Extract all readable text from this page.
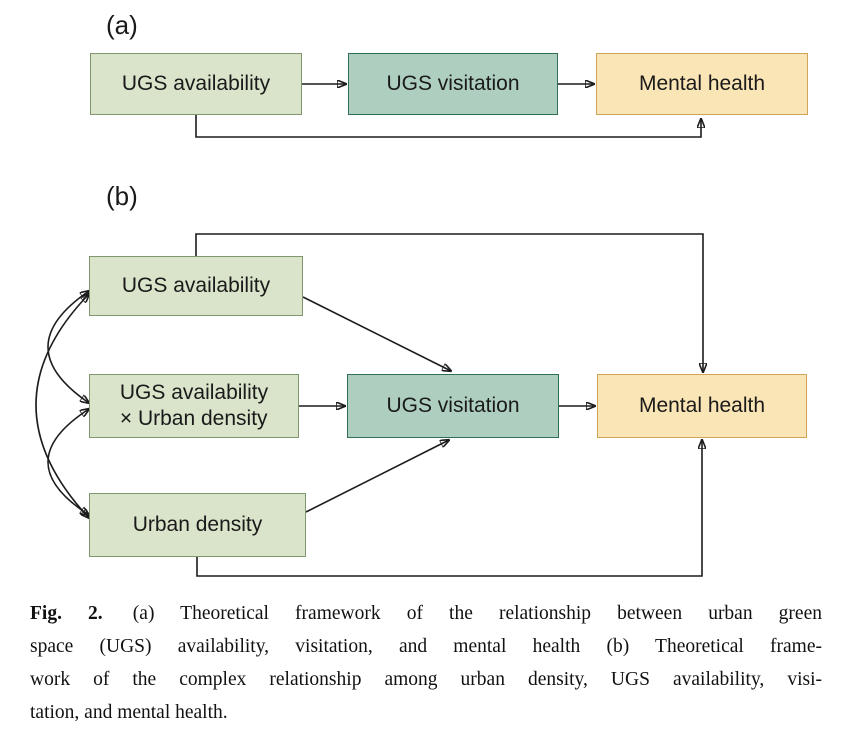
(a)
(b)
UGS availability	UGS visitation	Mental health
UGS availability
UGS availability
× Urban density
UGS visitation	Mental health
Urban density
Fig. 2. (a) Theoretical framework of the relationship between urban green
space (UGS) availability, visitation, and mental health (b) Theoretical frame-
work of the complex relationship among urban density, UGS availability, visi-
tation, and mental health.
